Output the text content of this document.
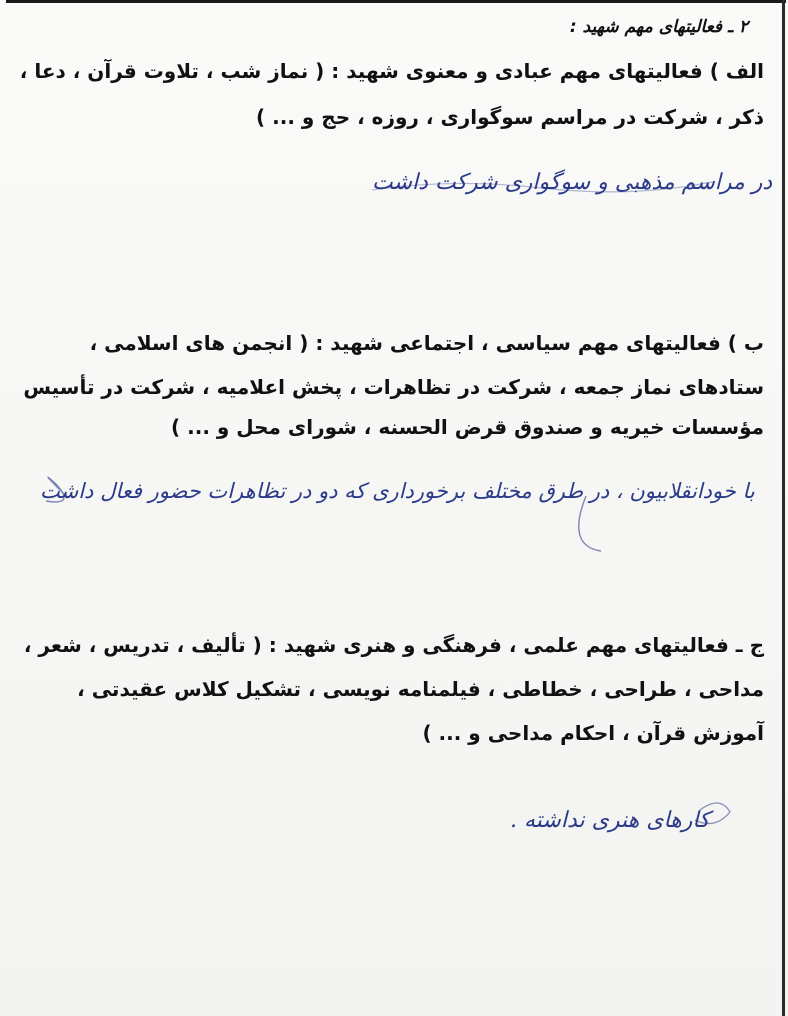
۲ ـ فعالیتهای مهم شهید :
الف ) فعالیتهای مهم عبادی و معنوی شهید : ( نماز شب ، تلاوت قرآن ، دعا ،
ذکر ، شرکت در مراسم سوگواری ، روزه ، حج و ... )
در مراسم مذهبی و سوگواری شرکت داشت
ب ) فعالیتهای مهم سیاسی ، اجتماعی شهید : ( انجمن های اسلامی ،
ستادهای نماز جمعه ، شرکت در تظاهرات ، پخش اعلامیه ، شرکت در تأسیس
مؤسسات خیریه و صندوق قرض الحسنه ، شورای محل و ... )
با خودانقلابیون ، در طرق مختلف برخورداری که دو در تظاهرات حضور فعال داشت
ج ـ فعالیتهای مهم علمی ، فرهنگی و هنری شهید : ( تألیف ، تدریس ، شعر ،
مداحی ، طراحی ، خطاطی ، فیلمنامه نویسی ، تشکیل کلاس عقیدتی ،
آموزش قرآن ، احکام مداحی و ... )
کارهای هنری نداشته .
